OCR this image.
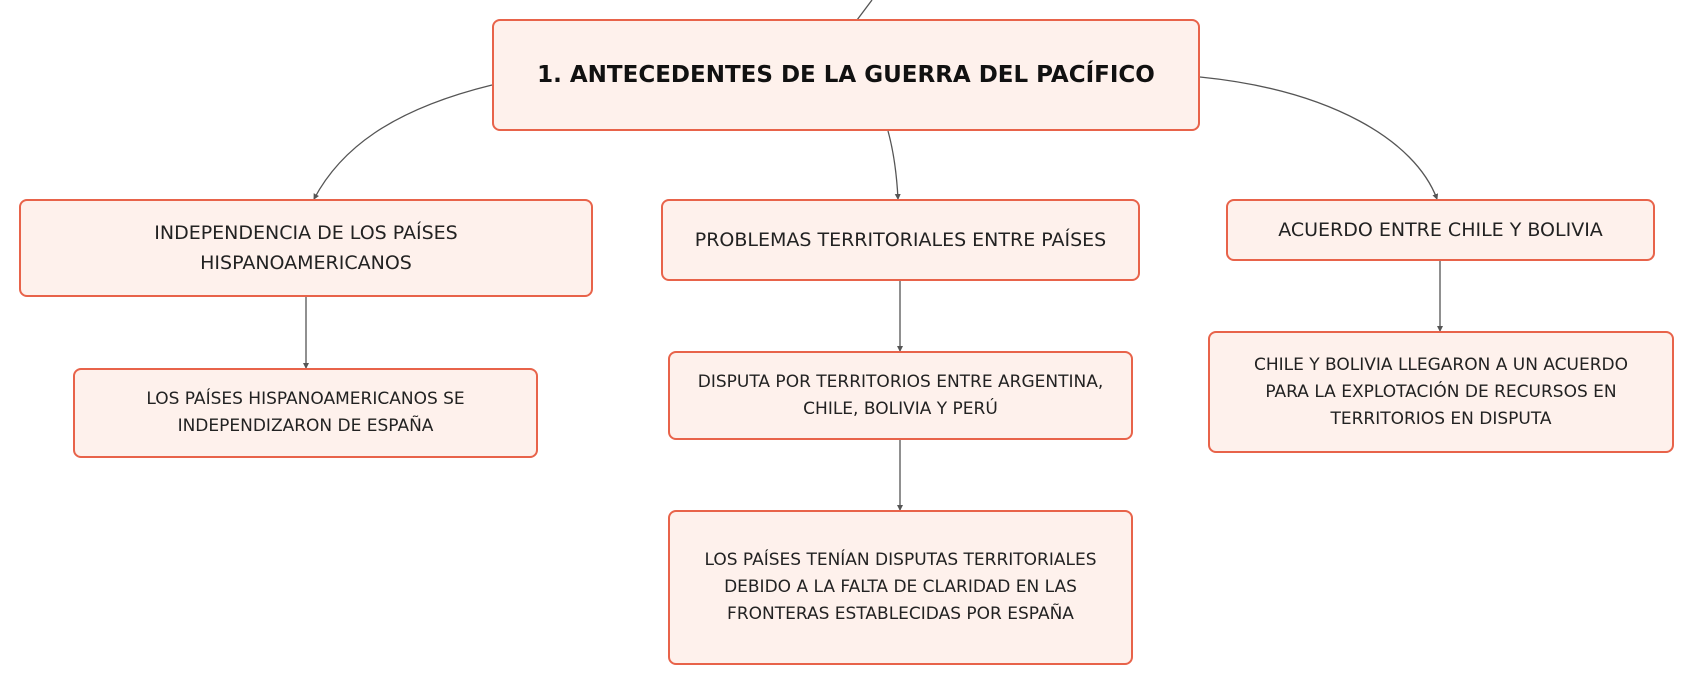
1. ANTECEDENTES DE LA GUERRA DEL PACÍFICO
INDEPENDENCIA DE LOS PAÍSES HISPANOAMERICANOS
PROBLEMAS TERRITORIALES ENTRE PAÍSES	ACUERDO ENTRE CHILE Y BOLIVIA
LOS PAÍSES HISPANOAMERICANOS SE INDEPENDIZARON DE ESPAÑA
DISPUTA POR TERRITORIOS ENTRE ARGENTINA, CHILE, BOLIVIA Y PERÚ
LOS PAÍSES TENÍAN DISPUTAS TERRITORIALES DEBIDO A LA FALTA DE CLARIDAD EN LAS FRONTERAS ESTABLECIDAS POR ESPAÑA
CHILE Y BOLIVIA LLEGARON A UN ACUERDO PARA LA EXPLOTACIÓN DE RECURSOS EN TERRITORIOS EN DISPUTA
